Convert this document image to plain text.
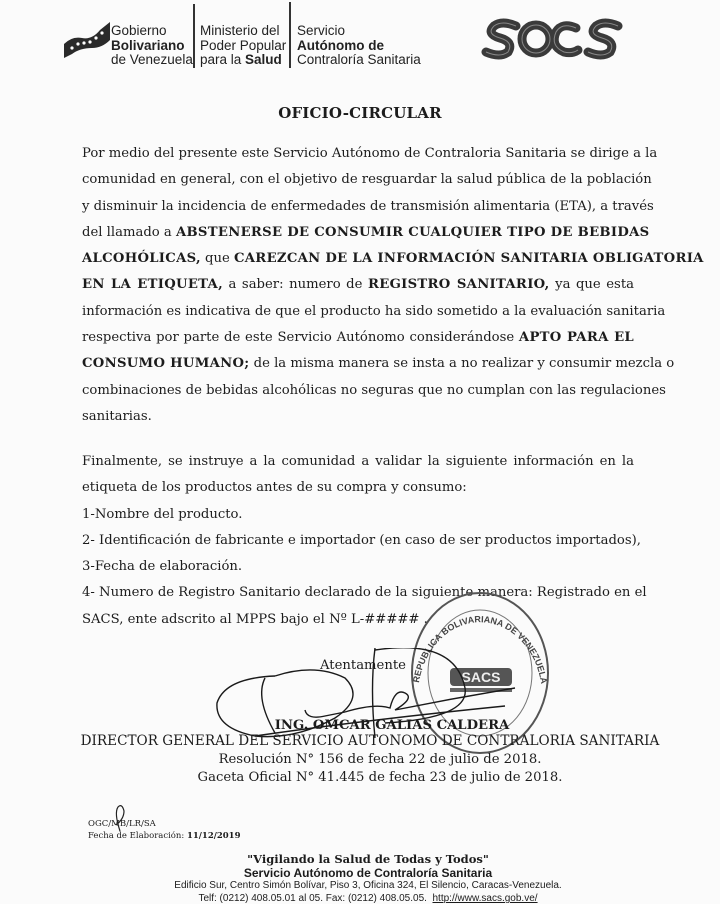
Gobierno
Bolivariano
de Venezuela
Ministerio del
Poder Popular
para la Salud
Servicio
Autónomo de
Contraloría Sanitaria
OFICIO-CIRCULAR
Por medio del presente este Servicio Autónomo de Contraloria Sanitaria se dirige a la
comunidad en general, con el objetivo de resguardar la salud pública de la población
y disminuir la incidencia de enfermedades de transmisión alimentaria (ETA), a través
del llamado a ABSTENERSE DE CONSUMIR CUALQUIER TIPO DE BEBIDAS
ALCOHÓLICAS, que CAREZCAN DE LA INFORMACIÓN SANITARIA OBLIGATORIA
EN LA ETIQUETA, a saber: numero de REGISTRO SANITARIO, ya que esta
información es indicativa de que el producto ha sido sometido a la evaluación sanitaria
respectiva por parte de este Servicio Autónomo considerándose APTO PARA EL
CONSUMO HUMANO; de la misma manera se insta a no realizar y consumir mezcla o
combinaciones de bebidas alcohólicas no seguras que no cumplan con las regulaciones
sanitarias.
Finalmente, se instruye a la comunidad a validar la siguiente información en la
etiqueta de los productos antes de su compra y consumo:
1-Nombre del producto.
2- Identificación de fabricante e importador (en caso de ser productos importados),
3-Fecha de elaboración.
4- Numero de Registro Sanitario declarado de la siguiente manera: Registrado en el
SACS, ente adscrito al MPPS bajo el Nº L-##### .
REPUBLICA BOLIVARIANA DE VENEZUELA
SACS
Atentamente
ING. OMCAR GALIAS CALDERA
DIRECTOR GENERAL DEL SERVICIO AUTONOMO DE CONTRALORIA SANITARIA
Resolución N° 156 de fecha 22 de julio de 2018.
Gaceta Oficial N° 41.445 de fecha 23 de julio de 2018.
OGC/MB/LR/SA
Fecha de Elaboración: 11/12/2019
"Vigilando la Salud de Todas y Todos"
Servicio Autónomo de Contraloría Sanitaria
Edificio Sur, Centro Simón Bolívar, Piso 3, Oficina 324, El Silencio, Caracas-Venezuela.
Telf: (0212) 408.05.01 al 05. Fax: (0212) 408.05.05. http://www.sacs.gob.ve/
